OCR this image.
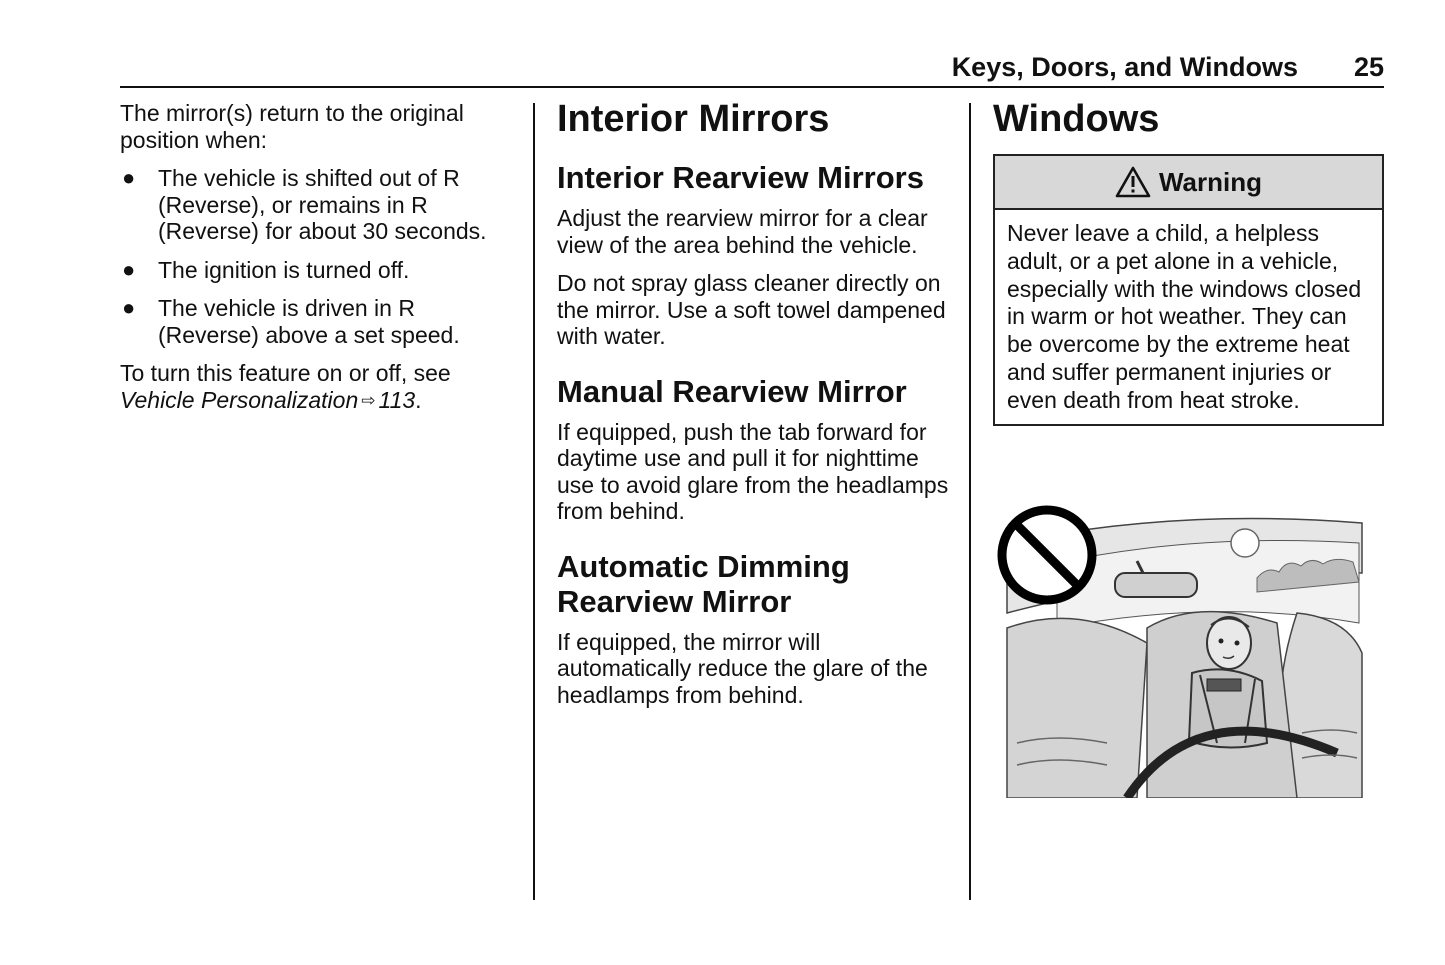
Keys, Doors, and Windows 25

The mirror(s) return to the original position when:

● The vehicle is shifted out of R (Reverse), or remains in R (Reverse) for about 30 seconds.
● The ignition is turned off.
● The vehicle is driven in R (Reverse) above a set speed.

To turn this feature on or off, see
Vehicle Personalization ⇨ 113.

Interior Mirrors
Interior Rearview Mirrors

Adjust the rearview mirror for a clear view of the area behind the vehicle.

Do not spray glass cleaner directly on the mirror. Use a soft towel dampened with water.

Manual Rearview Mirror

If equipped, push the tab forward for daytime use and pull it for nighttime use to avoid glare from the headlamps from behind.

Automatic Dimming Rearview Mirror

If equipped, the mirror will automatically reduce the glare of the headlamps from behind.

Windows
Warning
Never leave a child, a helpless adult, or a pet alone in a vehicle, especially with the windows closed in warm or hot weather. They can be overcome by the extreme heat and suffer permanent injuries or even death from heat stroke.
